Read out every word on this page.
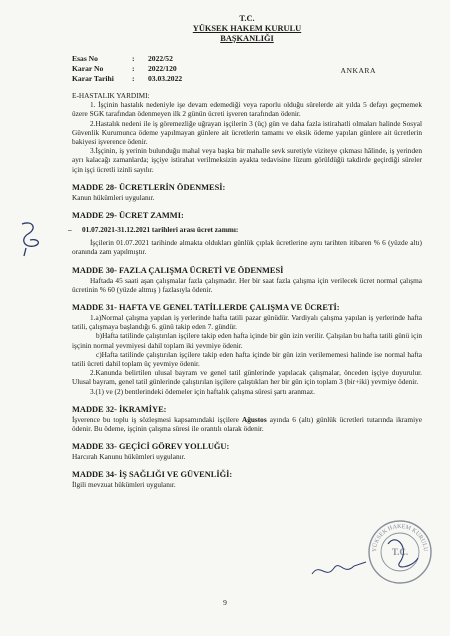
T.C.
YÜKSEK HAKEM KURULU
BAŞKANLIĞI
Esas No	:	2022/52
Karar No	:	2022/120
Karar Tarihi	:	03.03.2022
ANKARA

E-HASTALIK YARDIMI:

1. İşçinin hastalık nedeniyle işe devam edemediği veya raporlu olduğu sürelerde ait yılda 5 defayı geçmemek üzere SGK tarafından ödenmeyen ilk 2 günün ücreti işveren tarafından ödenir.

2.Hastalık nedeni ile iş göremezliğe uğrayan işçilerin 3 (üç) gün ve daha fazla istirahatli olmaları halinde Sosyal Güvenlik Kurumunca ödeme yapılmayan günlere ait ücretlerin tamamı ve eksik ödeme yapılan günlere ait ücretlerin bakiyesi işverence ödenir.

3.İşçinin, iş yerinin bulunduğu mahal veya başka bir mahalle sevk suretiyle viziteye çıkması hâlinde, iş yerinden ayrı kalacağı zamanlarda; işçiye istirahat verilmeksizin ayakta tedavisine lüzum görüldüğü takdirde geçirdiği süreler için işçi ücretli izinli sayılır.

MADDE 28- ÜCRETLERİN ÖDENMESİ:

Kanun hükümleri uygulanır.

MADDE 29- ÜCRET ZAMMI:

– 01.07.2021-31.12.2021 tarihleri arası ücret zammı:

İşçilerin 01.07.2021 tarihinde almakta oldukları günlük çıplak ücretlerine aynı tarihten itibaren % 6 (yüzde altı) oranında zam yapılmıştır.

MADDE 30- FAZLA ÇALIŞMA ÜCRETİ VE ÖDENMESİ

Haftada 45 saati aşan çalışmalar fazla çalışmadır. Her bir saat fazla çalışma için verilecek ücret normal çalışma ücretinin % 60 (yüzde altmış ) fazlasıyla ödenir.

MADDE 31- HAFTA VE GENEL TATİLLERDE ÇALIŞMA VE ÜCRETİ:

1.a)Normal çalışma yapılan iş yerlerinde hafta tatili pazar günüdür. Vardiyalı çalışma yapılan iş yerlerinde hafta tatili, çalışmaya başlandığı 6. günü takip eden 7. gündür.

b)Hafta tatilinde çalıştırılan işçilere takip eden hafta içinde bir gün izin verilir. Çalışılan bu hafta tatili günü için işçinin normal yevmiyesi dahil toplam iki yevmiye ödenir.

c)Hafta tatilinde çalıştırılan işçilere takip eden hafta içinde bir gün izin verilememesi halinde ise normal hafta tatili ücreti dahil toplam üç yevmiye ödenir.

2.Kanunda belirtilen ulusal bayram ve genel tatil günlerinde yapılacak çalışmalar, önceden işçiye duyurulur. Ulusal bayram, genel tatil günlerinde çalıştırılan işçilere çalıştıkları her bir gün için toplam 3 (bir+iki) yevmiye ödenir.

3.(1) ve (2) bentlerindeki ödemeler için haftalık çalışma süresi şartı aranmaz.

MADDE 32- İKRAMİYE:

İşverence bu toplu iş sözleşmesi kapsamındaki işçilere Ağustos ayında 6 (altı) günlük ücretleri tutarında ikramiye ödenir. Bu ödeme, işçinin çalışma süresi ile orantılı olarak ödenir.

MADDE 33- GEÇİCİ GÖREV YOLLUĞU:

Harcırah Kanunu hükümleri uygulanır.

MADDE 34- İŞ SAĞLIĞI VE GÜVENLİĞİ:

İlgili mevzuat hükümleri uygulanır.

YÜKSEK HAKEM KURULU
T.C.
9
